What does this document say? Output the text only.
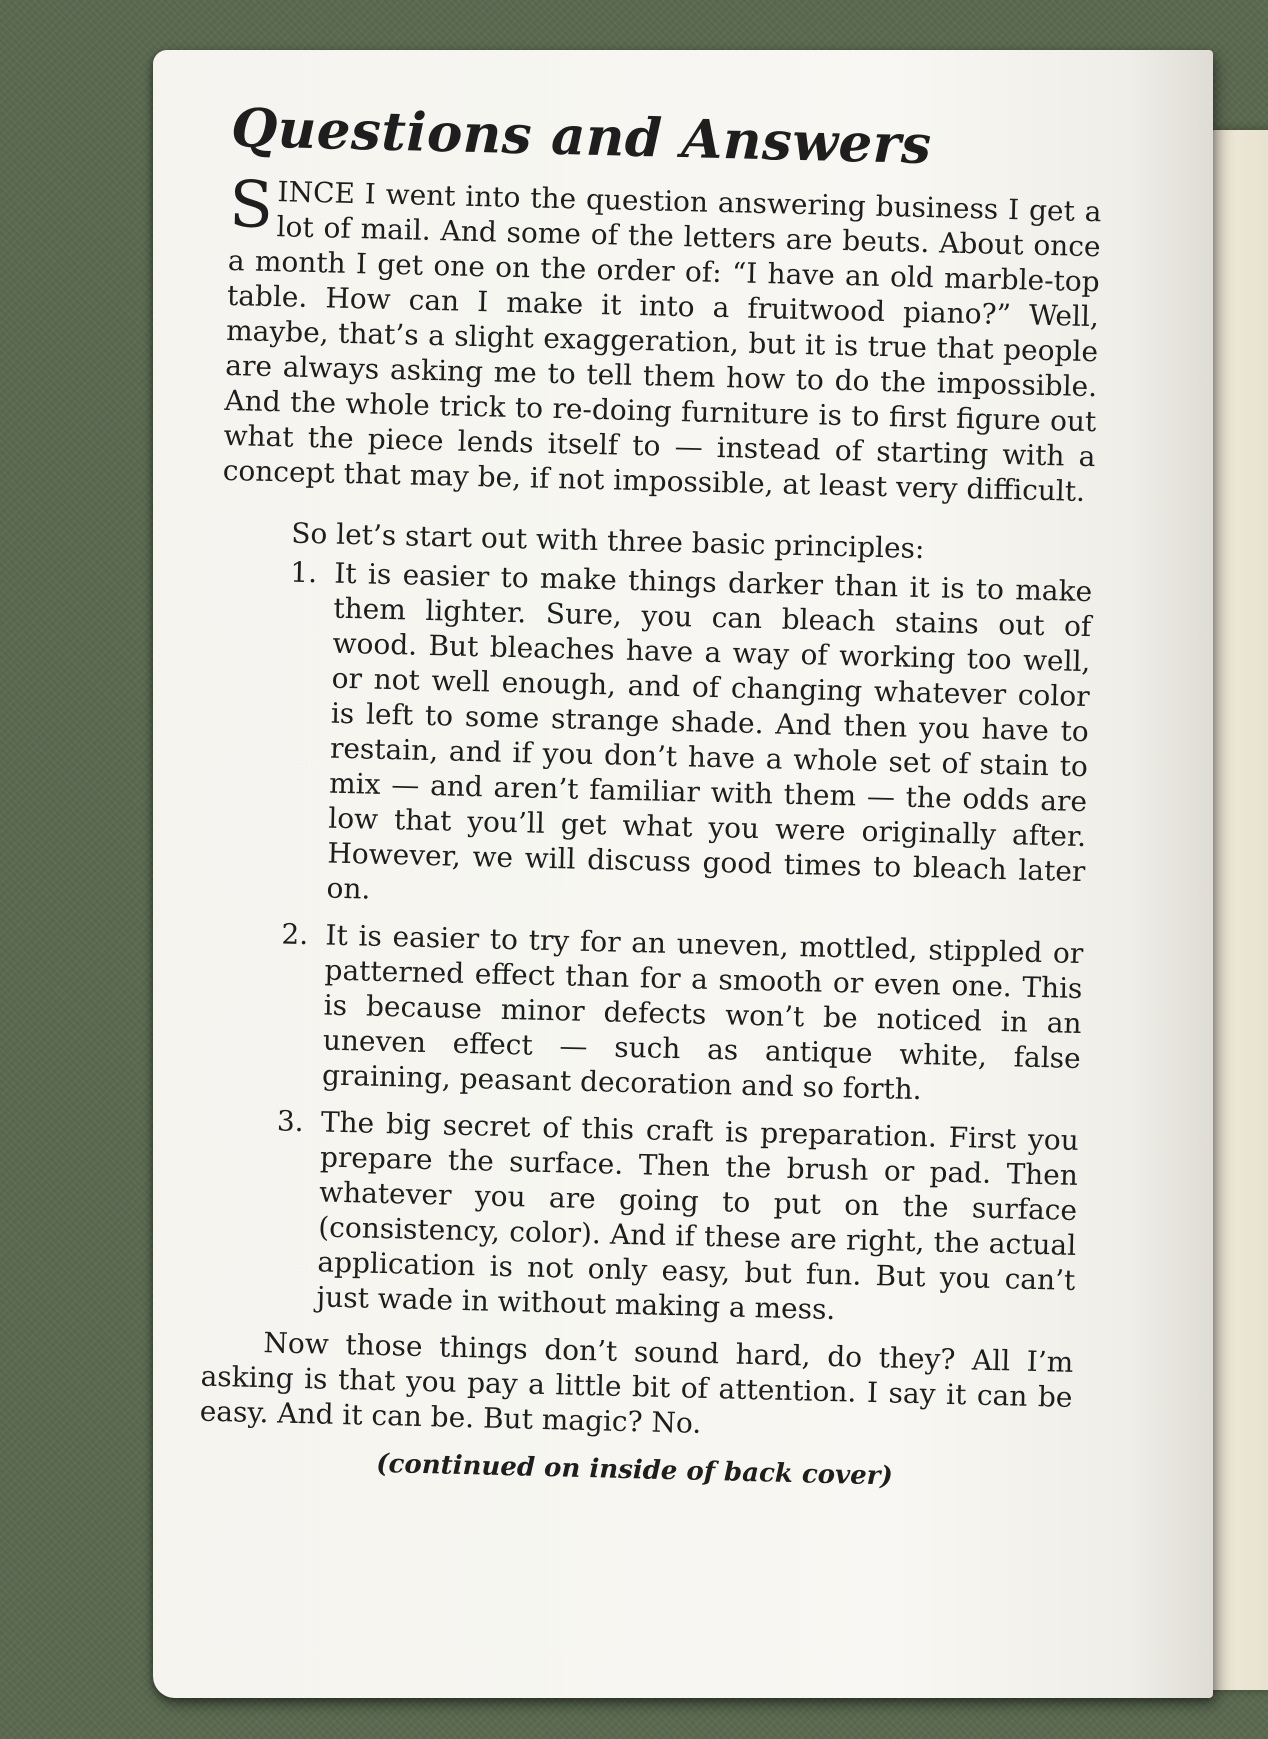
Questions and Answers

SINCE I went into the question answering business I get a lot of mail. And some of the letters are beuts. About once a month I get one on the order of: “I have an old marble-top table. How can I make it into a fruitwood piano?” Well, maybe, that’s a slight exaggeration, but it is true that people are always asking me to tell them how to do the impossible. And the whole trick to re-doing furniture is to first figure out what the piece lends itself to — instead of starting with a concept that may be, if not impossible, at least very difficult.

So let’s start out with three basic principles:

1. It is easier to make things darker than it is to make them lighter. Sure, you can bleach stains out of wood. But bleaches have a way of working too well, or not well enough, and of changing whatever color is left to some strange shade. And then you have to restain, and if you don’t have a whole set of stain to mix — and aren’t familiar with them — the odds are low that you’ll get what you were originally after. However, we will discuss good times to bleach later on.
2. It is easier to try for an uneven, mottled, stippled or patterned effect than for a smooth or even one. This is because minor defects won’t be noticed in an uneven effect — such as antique white, false graining, peasant decoration and so forth.
3. The big secret of this craft is preparation. First you prepare the surface. Then the brush or pad. Then whatever you are going to put on the surface (consistency, color). And if these are right, the actual application is not only easy, but fun. But you can’t just wade in without making a mess.

Now those things don’t sound hard, do they? All I’m asking is that you pay a little bit of attention. I say it can be easy. And it can be. But magic? No.

(continued on inside of back cover)
